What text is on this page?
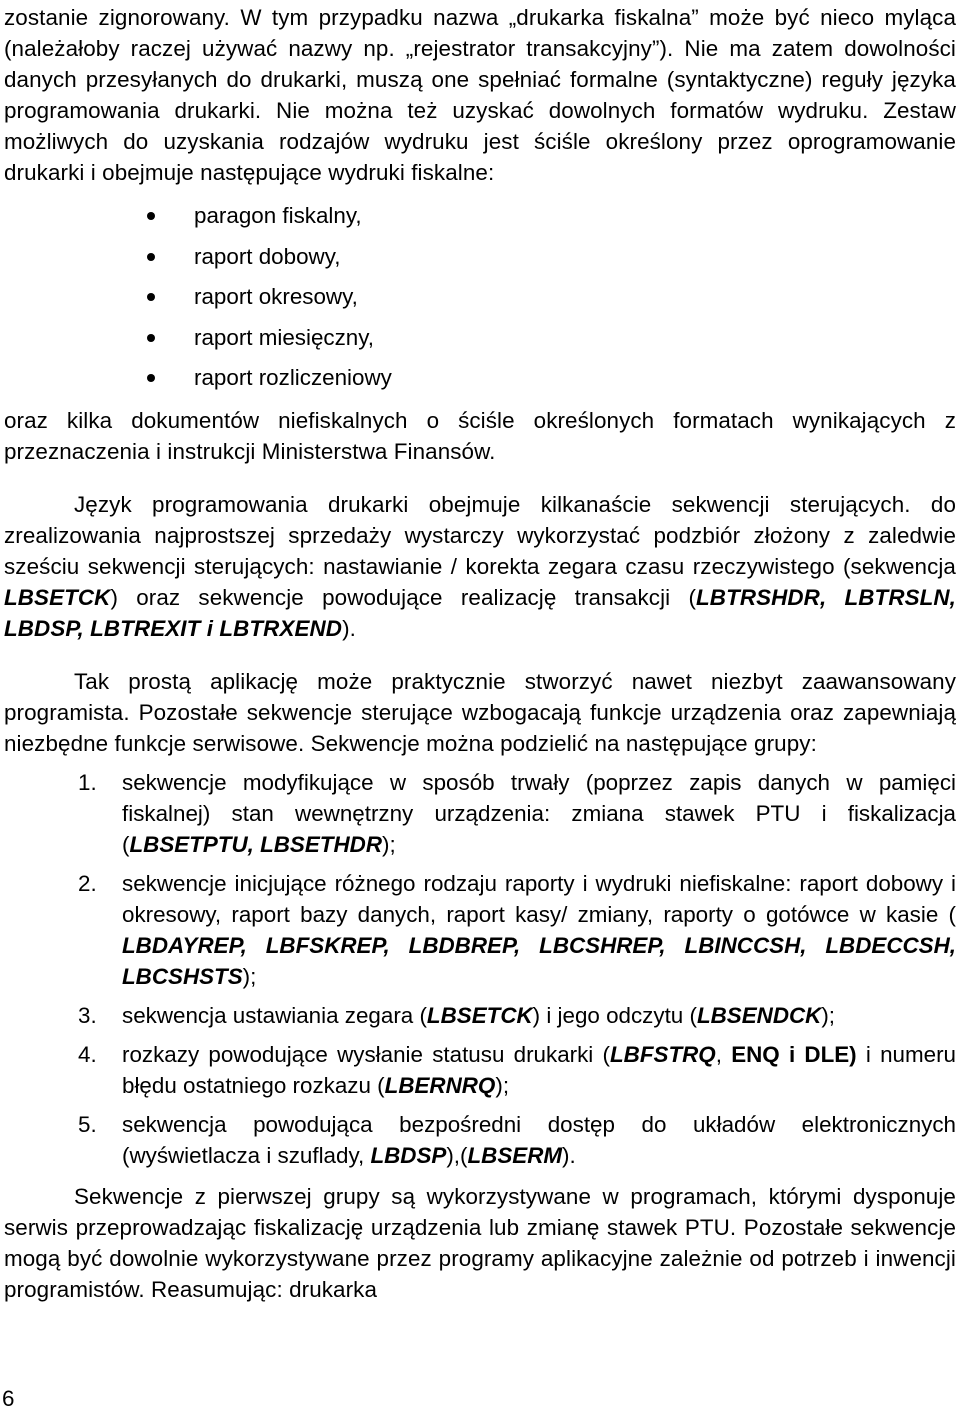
zostanie zignorowany. W tym przypadku nazwa „drukarka fiskalna” może być nieco myląca (należałoby raczej używać nazwy np. „rejestrator transakcyjny”). Nie ma zatem dowolności danych przesyłanych do drukarki, muszą one spełniać formalne (syntaktyczne) reguły języka programowania drukarki. Nie można też uzyskać dowolnych formatów wydruku. Zestaw możliwych do uzyskania rodzajów wydruku jest ściśle określony przez oprogramowanie drukarki i obejmuje następujące wydruki fiskalne:

paragon fiskalny,
raport dobowy,
raport okresowy,
raport miesięczny,
raport rozliczeniowy

oraz kilka dokumentów niefiskalnych o ściśle określonych formatach wynikających z przeznaczenia i instrukcji Ministerstwa Finansów.

Język programowania drukarki obejmuje kilkanaście sekwencji sterujących. do zrealizowania najprostszej sprzedaży wystarczy wykorzystać podzbiór złożony z zaledwie sześciu sekwencji sterujących: nastawianie / korekta zegara czasu rzeczywistego (sekwencja LBSETCK) oraz sekwencje powodujące realizację transakcji (LBTRSHDR, LBTRSLN, LBDSP, LBTREXIT i LBTRXEND).

Tak prostą aplikację może praktycznie stworzyć nawet niezbyt zaawansowany programista. Pozostałe sekwencje sterujące wzbogacają funkcje urządzenia oraz zapewniają niezbędne funkcje serwisowe. Sekwencje można podzielić na następujące grupy:

1. sekwencje modyfikujące w sposób trwały (poprzez zapis danych w pamięci fiskalnej) stan wewnętrzny urządzenia: zmiana stawek PTU i fiskalizacja (LBSETPTU, LBSETHDR);
2. sekwencje inicjujące różnego rodzaju raporty i wydruki niefiskalne: raport dobowy i okresowy, raport bazy danych, raport kasy/ zmiany, raporty o gotówce w kasie ( LBDAYREP, LBFSKREP, LBDBREP, LBCSHREP, LBINCCSH, LBDECCSH, LBCSHSTS);
3. sekwencja ustawiania zegara (LBSETCK) i jego odczytu (LBSENDCK);
4. rozkazy powodujące wysłanie statusu drukarki (LBFSTRQ, ENQ i DLE) i numeru błędu ostatniego rozkazu (LBERNRQ);
5. sekwencja powodująca bezpośredni dostęp do układów elektronicznych (wyświetlacza i szuflady, LBDSP),(LBSERM).

Sekwencje z pierwszej grupy są wykorzystywane w programach, którymi dysponuje serwis przeprowadzając fiskalizację urządzenia lub zmianę stawek PTU. Pozostałe sekwencje mogą być dowolnie wykorzystywane przez programy aplikacyjne zależnie od potrzeb i inwencji programistów. Reasumując: drukarka

6
